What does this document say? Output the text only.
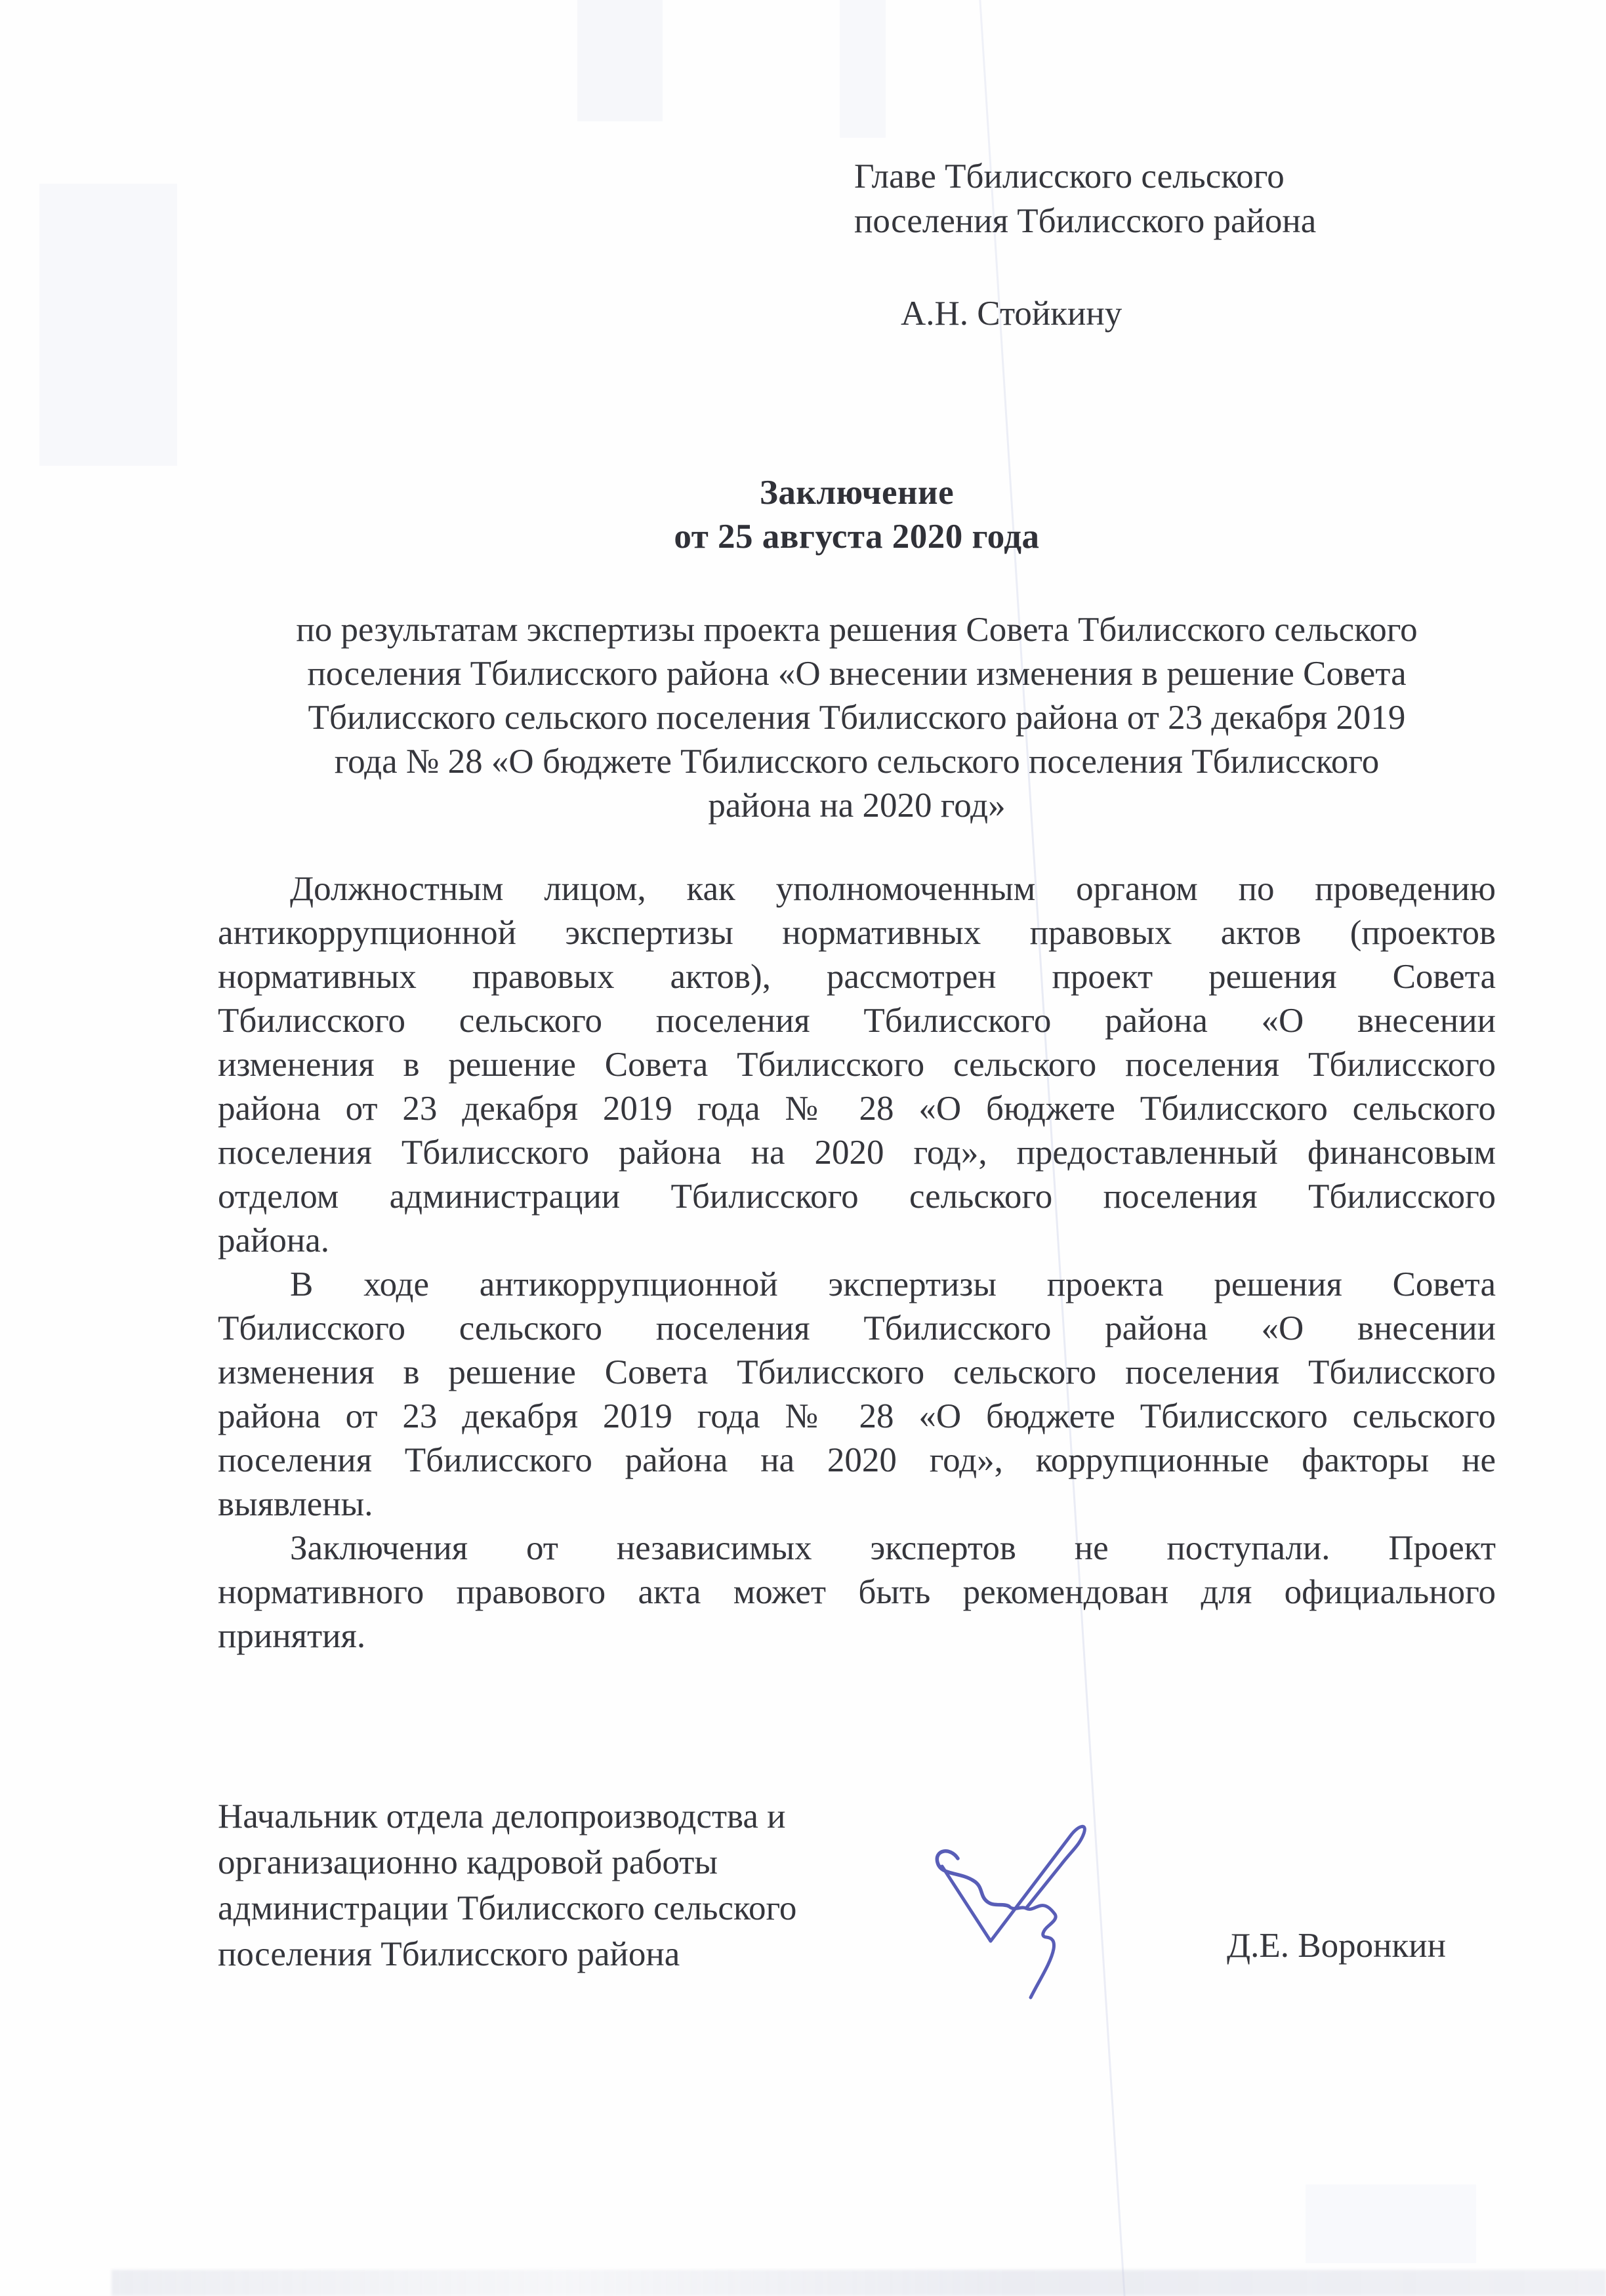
Главе Тбилисского сельского
поселения Тбилисского района
А.Н. Стойкину
Заключение
от 25 августа 2020 года
по результатам экспертизы проекта решения Совета Тбилисского сельского
поселения Тбилисского района «О внесении изменения в решение Совета
Тбилисского сельского поселения Тбилисского района от 23 декабря 2019
года № 28 «О бюджете Тбилисского сельского поселения Тбилисского
района на 2020 год»
Должностным лицом, как уполномоченным органом по проведению
антикоррупционной экспертизы нормативных правовых актов (проектов
нормативных правовых актов), рассмотрен проект решения Совета
Тбилисского сельского поселения Тбилисского района «О внесении
изменения в решение Совета Тбилисского сельского поселения Тбилисского
района от 23 декабря 2019 года № 28 «О бюджете Тбилисского сельского
поселения Тбилисского района на 2020 год», предоставленный финансовым
отделом администрации Тбилисского сельского поселения Тбилисского
района.
В ходе антикоррупционной экспертизы проекта решения Совета
Тбилисского сельского поселения Тбилисского района «О внесении
изменения в решение Совета Тбилисского сельского поселения Тбилисского
района от 23 декабря 2019 года № 28 «О бюджете Тбилисского сельского
поселения Тбилисского района на 2020 год», коррупционные факторы не
выявлены.
Заключения от независимых экспертов не поступали. Проект
нормативного правового акта может быть рекомендован для официального
принятия.
Начальник отдела делопроизводства и
организационно кадровой работы
администрации Тбилисского сельского
поселения Тбилисского района	Д.Е. Воронкин
